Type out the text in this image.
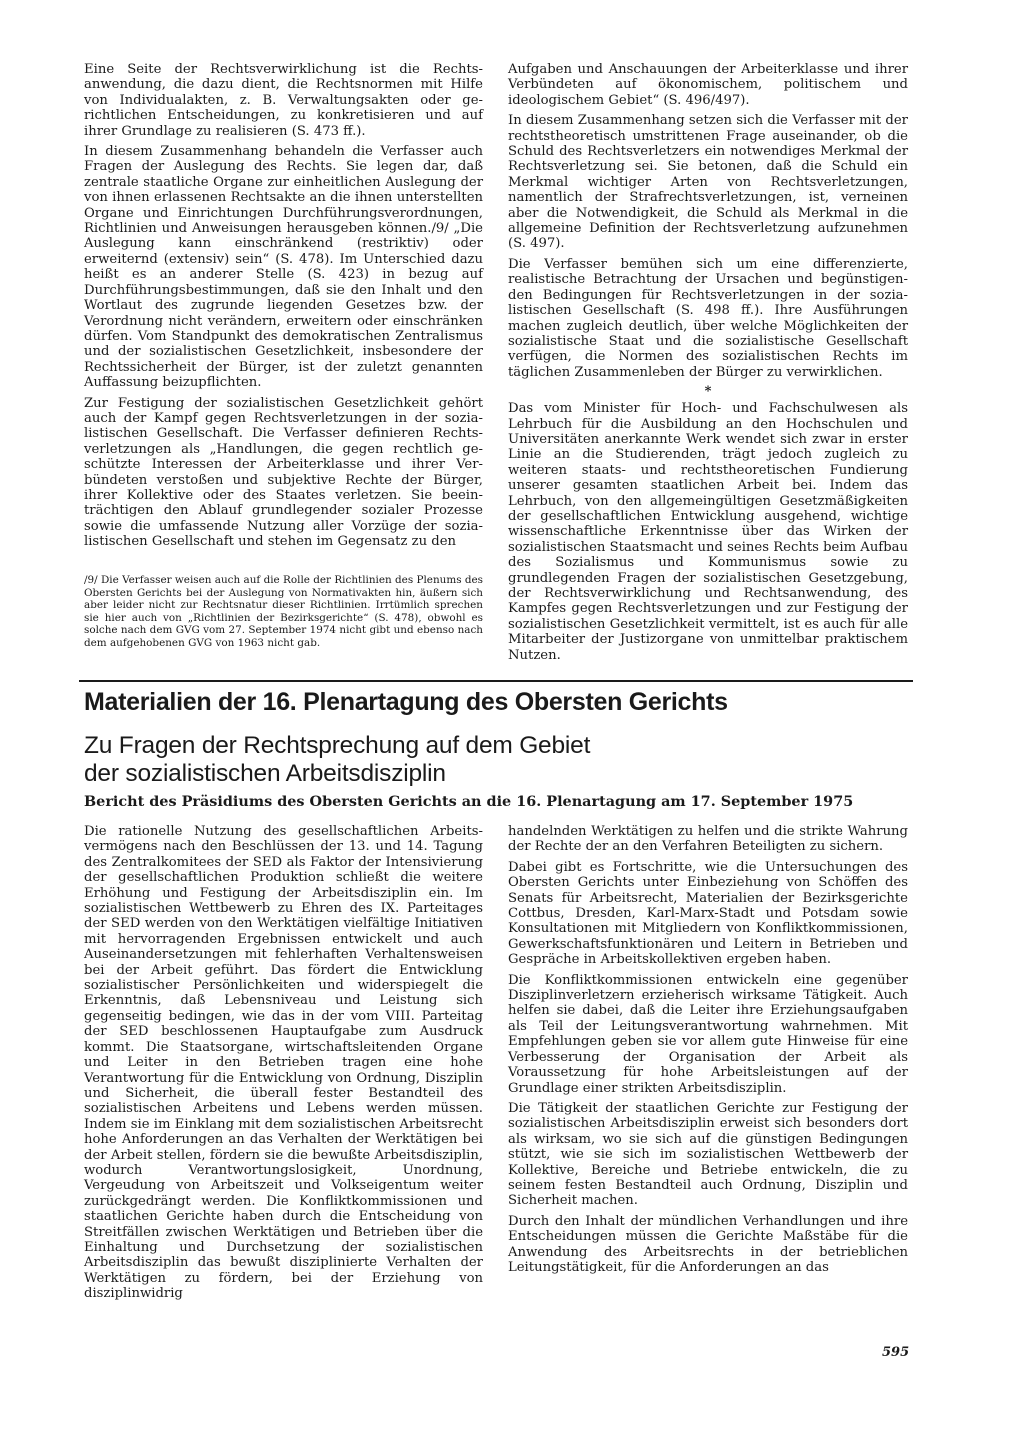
Eine Seite der Rechtsverwirklichung ist die Rechtsanwendung, die dazu dient, die Rechtsnormen mit Hilfe von Individualakten, z. B. Verwaltungsakten oder gerichtlichen Entscheidungen, zu konkretisieren und auf ihrer Grundlage zu realisieren (S. 473 ff.).

In diesem Zusammenhang behandeln die Verfasser auch Fragen der Auslegung des Rechts. Sie legen dar, daß zentrale staatliche Organe zur einheitlichen Auslegung der von ihnen erlassenen Rechtsakte an die ihnen unterstellten Organe und Einrichtungen Durchführungsverordnungen, Richtlinien und Anweisungen herausgeben können./9/ „Die Auslegung kann einschränkend (restriktiv) oder erweiternd (extensiv) sein“ (S. 478). Im Unterschied dazu heißt es an anderer Stelle (S. 423) in bezug auf Durchführungsbestimmungen, daß sie den Inhalt und den Wortlaut des zugrunde liegenden Gesetzes bzw. der Verordnung nicht verändern, erweitern oder einschränken dürfen. Vom Standpunkt des demokratischen Zentralismus und der sozialistischen Gesetzlichkeit, insbesondere der Rechtssicherheit der Bürger, ist der zuletzt genannten Auffassung beizupflichten.

Zur Festigung der sozialistischen Gesetzlichkeit gehört auch der Kampf gegen Rechtsverletzungen in der sozialistischen Gesellschaft. Die Verfasser definieren Rechtsverletzungen als „Handlungen, die gegen rechtlich geschützte Interessen der Arbeiterklasse und ihrer Verbündeten verstoßen und subjektive Rechte der Bürger, ihrer Kollektive oder des Staates verletzen. Sie beeinträchtigen den Ablauf grundlegender sozialer Prozesse sowie die umfassende Nutzung aller Vorzüge der sozialistischen Gesellschaft und stehen im Gegensatz zu den

/9/ Die Verfasser weisen auch auf die Rolle der Richtlinien des Plenums des Obersten Gerichts bei der Auslegung von Normativakten hin, äußern sich aber leider nicht zur Rechtsnatur dieser Richtlinien. Irrtümlich sprechen sie hier auch von „Richtlinien der Bezirksgerichte“ (S. 478), obwohl es solche nach dem GVG vom 27. September 1974 nicht gibt und ebenso nach dem aufgehobenen GVG von 1963 nicht gab.

Aufgaben und Anschauungen der Arbeiterklasse und ihrer Verbündeten auf ökonomischem, politischem und ideologischem Gebiet“ (S. 496/497).

In diesem Zusammenhang setzen sich die Verfasser mit der rechtstheoretisch umstrittenen Frage auseinander, ob die Schuld des Rechtsverletzers ein notwendiges Merkmal der Rechtsverletzung sei. Sie betonen, daß die Schuld ein Merkmal wichtiger Arten von Rechtsverletzungen, namentlich der Strafrechtsverletzungen, ist, verneinen aber die Notwendigkeit, die Schuld als Merkmal in die allgemeine Definition der Rechtsverletzung aufzunehmen (S. 497).

Die Verfasser bemühen sich um eine differenzierte, realistische Betrachtung der Ursachen und begünstigenden Bedingungen für Rechtsverletzungen in der sozialistischen Gesellschaft (S. 498 ff.). Ihre Ausführungen machen zugleich deutlich, über welche Möglichkeiten der sozialistische Staat und die sozialistische Gesellschaft verfügen, die Normen des sozialistischen Rechts im täglichen Zusammenleben der Bürger zu verwirklichen.

*

Das vom Minister für Hoch- und Fachschulwesen als Lehrbuch für die Ausbildung an den Hochschulen und Universitäten anerkannte Werk wendet sich zwar in erster Linie an die Studierenden, trägt jedoch zugleich zu weiteren staats- und rechtstheoretischen Fundierung unserer gesamten staatlichen Arbeit bei. Indem das Lehrbuch, von den allgemeingültigen Gesetzmäßigkeiten der gesellschaftlichen Entwicklung ausgehend, wichtige wissenschaftliche Erkenntnisse über das Wirken der sozialistischen Staatsmacht und seines Rechts beim Aufbau des Sozialismus und Kommunismus sowie zu grundlegenden Fragen der sozialistischen Gesetzgebung, der Rechtsverwirklichung und Rechtsanwendung, des Kampfes gegen Rechtsverletzungen und zur Festigung der sozialistischen Gesetzlichkeit vermittelt, ist es auch für alle Mitarbeiter der Justizorgane von unmittelbar praktischem Nutzen.

Materialien der 16. Plenartagung des Obersten Gerichts
Zu Fragen der Rechtsprechung auf dem Gebiet
der sozialistischen Arbeitsdisziplin
Bericht des Präsidiums des Obersten Gerichts an die 16. Plenartagung am 17. September 1975

Die rationelle Nutzung des gesellschaftlichen Arbeitsvermögens nach den Beschlüssen der 13. und 14. Tagung des Zentralkomitees der SED als Faktor der Intensivierung der gesellschaftlichen Produktion schließt die weitere Erhöhung und Festigung der Arbeitsdisziplin ein. Im sozialistischen Wettbewerb zu Ehren des IX. Parteitages der SED werden von den Werktätigen vielfältige Initiativen mit hervorragenden Ergebnissen entwickelt und auch Auseinandersetzungen mit fehlerhaften Verhaltensweisen bei der Arbeit geführt. Das fördert die Entwicklung sozialistischer Persönlichkeiten und widerspiegelt die Erkenntnis, daß Lebensniveau und Leistung sich gegenseitig bedingen, wie das in der vom VIII. Parteitag der SED beschlossenen Hauptaufgabe zum Ausdruck kommt. Die Staatsorgane, wirtschaftsleitenden Organe und Leiter in den Betrieben tragen eine hohe Verantwortung für die Entwicklung von Ordnung, Disziplin und Sicherheit, die überall fester Bestandteil des sozialistischen Arbeitens und Lebens werden müssen. Indem sie im Einklang mit dem sozialistischen Arbeitsrecht hohe Anforderungen an das Verhalten der Werktätigen bei der Arbeit stellen, fördern sie die bewußte Arbeitsdisziplin, wodurch Verantwortungslosigkeit, Unordnung, Vergeudung von Arbeitszeit und Volkseigentum weiter zurückgedrängt werden. Die Konfliktkommissionen und staatlichen Gerichte haben durch die Entscheidung von Streitfällen zwischen Werktätigen und Betrieben über die Einhaltung und Durchsetzung der sozialistischen Arbeitsdisziplin das bewußt disziplinierte Verhalten der Werktätigen zu fördern, bei der Erziehung von disziplinwidrig

handelnden Werktätigen zu helfen und die strikte Wahrung der Rechte der an den Verfahren Beteiligten zu sichern.

Dabei gibt es Fortschritte, wie die Untersuchungen des Obersten Gerichts unter Einbeziehung von Schöffen des Senats für Arbeitsrecht, Materialien der Bezirksgerichte Cottbus, Dresden, Karl-Marx-Stadt und Potsdam sowie Konsultationen mit Mitgliedern von Konfliktkommissionen, Gewerkschaftsfunktionären und Leitern in Betrieben und Gespräche in Arbeitskollektiven ergeben haben.

Die Konfliktkommissionen entwickeln eine gegenüber Disziplinverletzern erzieherisch wirksame Tätigkeit. Auch helfen sie dabei, daß die Leiter ihre Erziehungsaufgaben als Teil der Leitungsverantwortung wahrnehmen. Mit Empfehlungen geben sie vor allem gute Hinweise für eine Verbesserung der Organisation der Arbeit als Voraussetzung für hohe Arbeitsleistungen auf der Grundlage einer strikten Arbeitsdisziplin.

Die Tätigkeit der staatlichen Gerichte zur Festigung der sozialistischen Arbeitsdisziplin erweist sich besonders dort als wirksam, wo sie sich auf die günstigen Bedingungen stützt, wie sie sich im sozialistischen Wettbewerb der Kollektive, Bereiche und Betriebe entwickeln, die zu seinem festen Bestandteil auch Ordnung, Disziplin und Sicherheit machen.

Durch den Inhalt der mündlichen Verhandlungen und ihre Entscheidungen müssen die Gerichte Maßstäbe für die Anwendung des Arbeitsrechts in der betrieblichen Leitungstätigkeit, für die Anforderungen an das

595
